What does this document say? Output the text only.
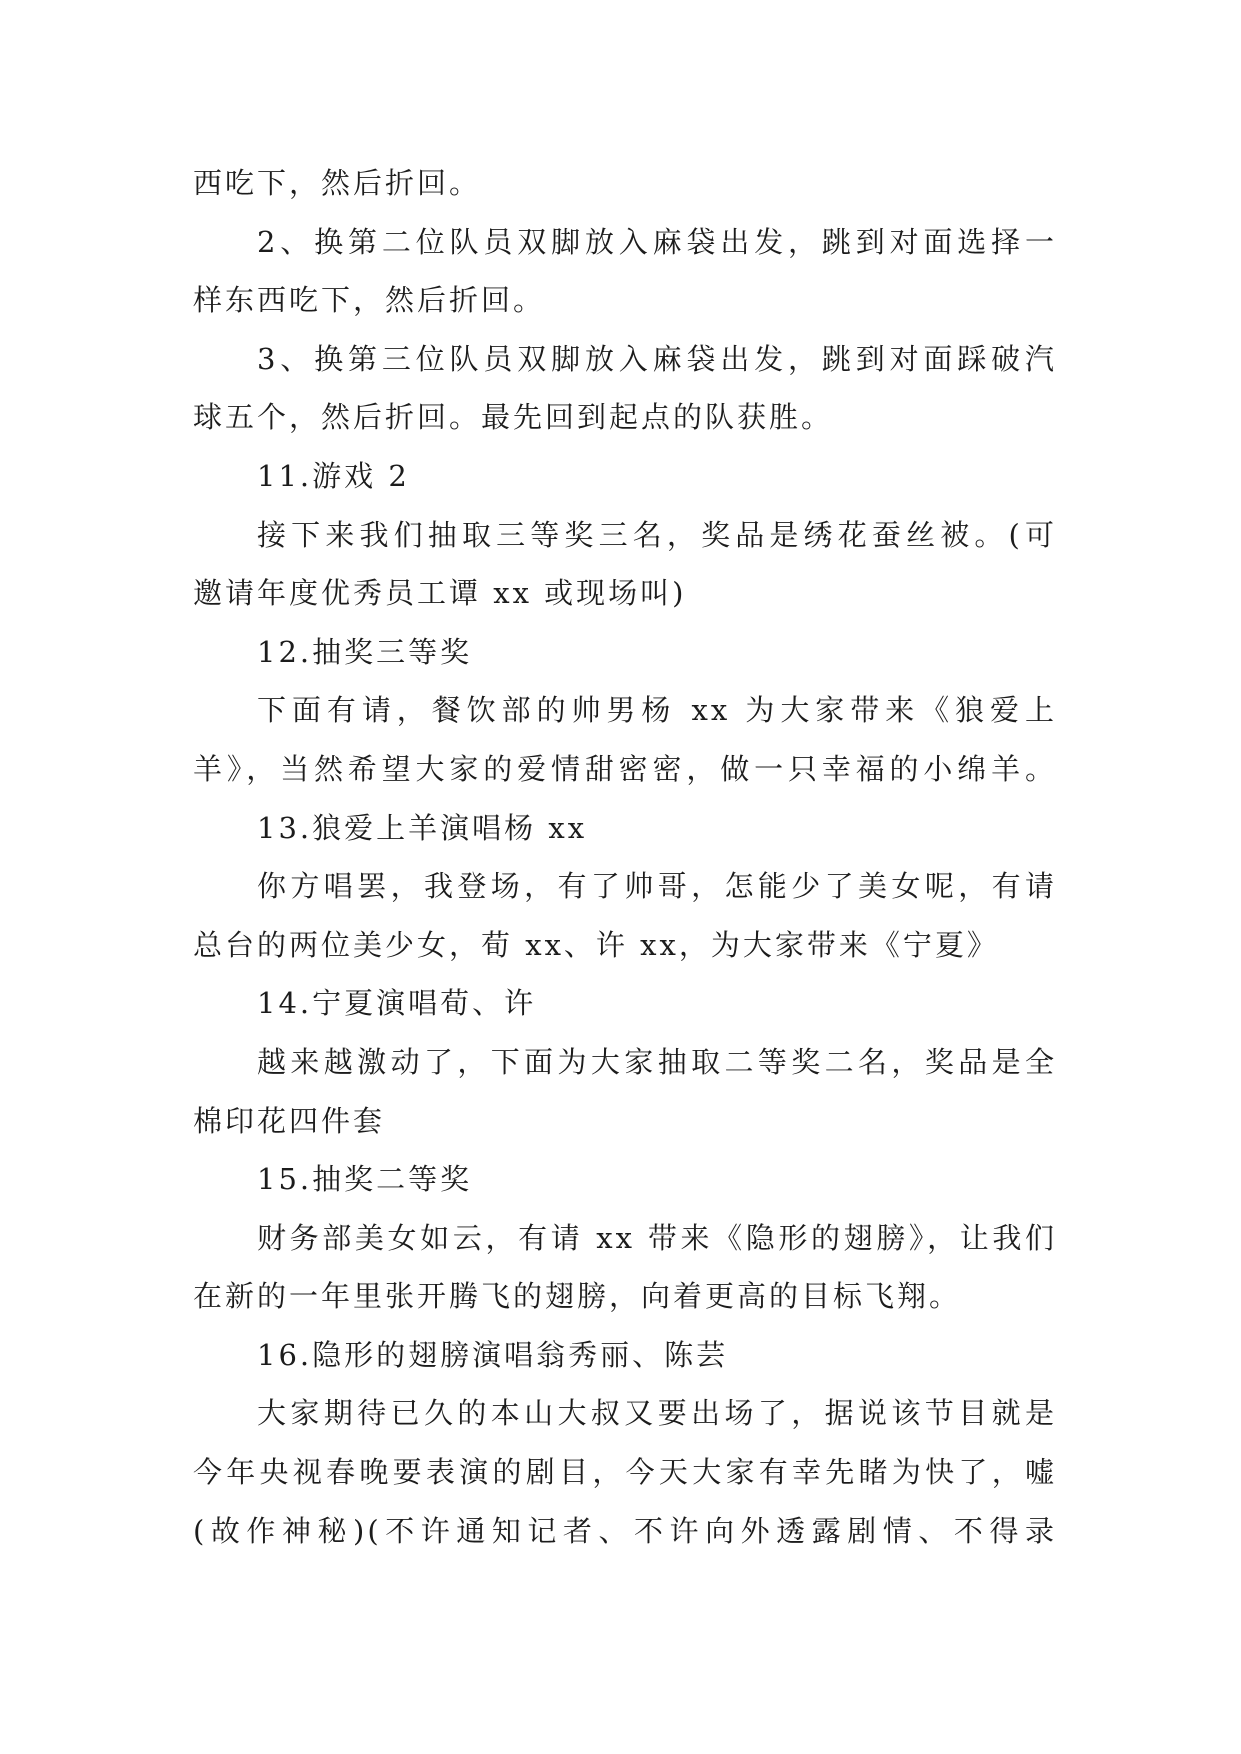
西吃下，然后折回。
2、换第二位队员双脚放入麻袋出发，跳到对面选择一
样东西吃下，然后折回。
3、换第三位队员双脚放入麻袋出发，跳到对面踩破汽
球五个，然后折回。最先回到起点的队获胜。
11.游戏 2
接下来我们抽取三等奖三名，奖品是绣花蚕丝被。(可
邀请年度优秀员工谭 xx 或现场叫)
12.抽奖三等奖
下面有请，餐饮部的帅男杨 xx 为大家带来《狼爱上
羊》，当然希望大家的爱情甜密密，做一只幸福的小绵羊。
13.狼爱上羊演唱杨 xx
你方唱罢，我登场，有了帅哥，怎能少了美女呢，有请
总台的两位美少女，荀 xx、许 xx，为大家带来《宁夏》
14.宁夏演唱荀、许
越来越激动了，下面为大家抽取二等奖二名，奖品是全
棉印花四件套
15.抽奖二等奖
财务部美女如云，有请 xx 带来《隐形的翅膀》，让我们
在新的一年里张开腾飞的翅膀，向着更高的目标飞翔。
16.隐形的翅膀演唱翁秀丽、陈芸
大家期待已久的本山大叔又要出场了，据说该节目就是
今年央视春晚要表演的剧目，今天大家有幸先睹为快了，嘘
(故作神秘)(不许通知记者、不许向外透露剧情、不得录
